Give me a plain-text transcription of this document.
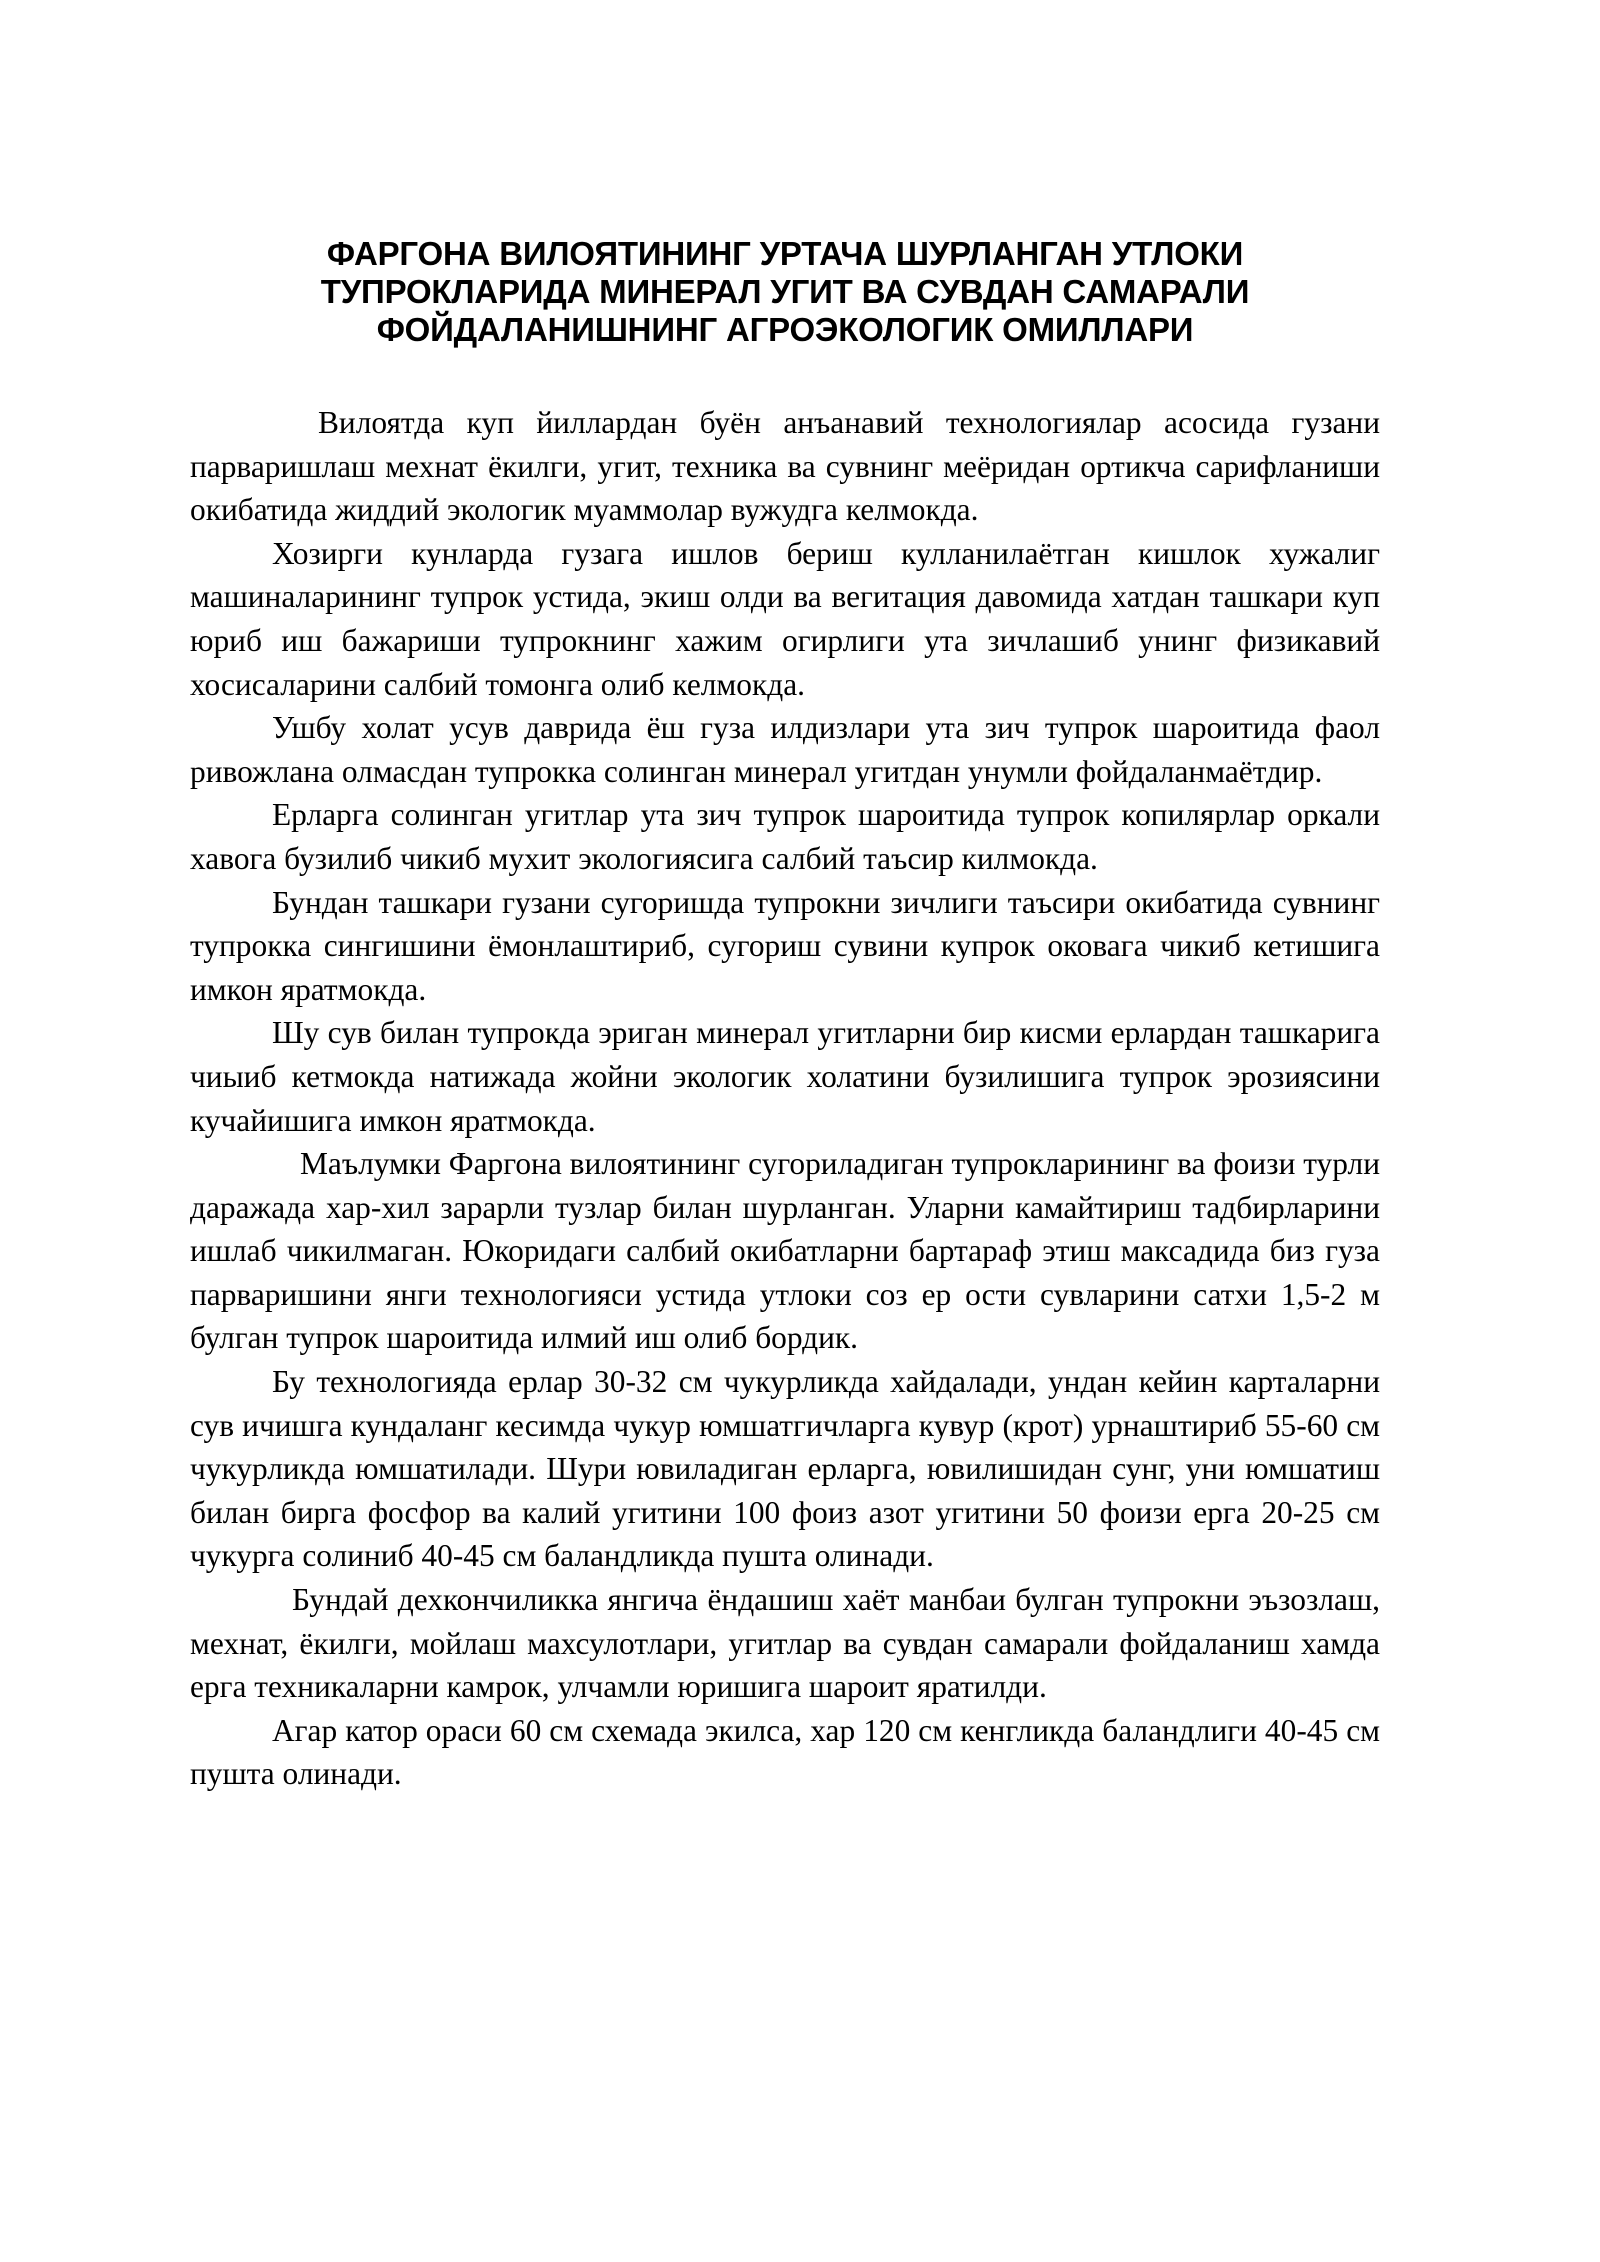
ФАРГОНА ВИЛОЯТИНИНГ УРТАЧА ШУРЛАНГАН УТЛОКИ
ТУПРОКЛАРИДА МИНЕРАЛ УГИТ ВА СУВДАН САМАРАЛИ
ФОЙДАЛАНИШНИНГ АГРОЭКОЛОГИК ОМИЛЛАРИ

Вилоятда куп йиллардан буён анъанавий технологиялар асосида гузани парваришлаш мехнат ёкилги, угит, техника ва сувнинг меёридан ортикча сарифланиши окибатида жиддий экологик муаммолар вужудга келмокда.

Хозирги кунларда гузага ишлов бериш кулланилаётган кишлок хужалиг машиналарининг тупрок устида, экиш олди ва вегитация давомида хатдан ташкари куп юриб иш бажариши тупрокнинг хажим огирлиги ута зичлашиб унинг физикавий хосисаларини салбий томонга олиб келмокда.

Ушбу холат усув даврида ёш гуза илдизлари ута зич тупрок шароитида фаол ривожлана олмасдан тупрокка солинган минерал угитдан унумли фойдаланмаётдир.

Ерларга солинган угитлар ута зич тупрок шароитида тупрок копилярлар оркали хавога бузилиб чикиб мухит экологиясига салбий таъсир килмокда.

Бундан ташкари гузани сугоришда тупрокни зичлиги таъсири окибатида сувнинг тупрокка сингишини ёмонлаштириб, сугориш сувини купрок оковага чикиб кетишига имкон яратмокда.

Шу сув билан тупрокда эриган минерал угитларни бир кисми ерлардан ташкарига чиыиб кетмокда натижада жойни экологик холатини бузилишига тупрок эрозиясини кучайишига имкон яратмокда.

Маълумки Фаргона вилоятининг сугориладиган тупрокларининг ва фоизи турли даражада хар-хил зарарли тузлар билан шурланган. Уларни камайтириш тадбирларини ишлаб чикилмаган. Юкоридаги салбий окибатларни бартараф этиш максадида биз гуза парваришини янги технологияси устида утлоки соз ер ости сувларини сатхи 1,5-2 м булган тупрок шароитида илмий иш олиб бордик.

Бу технологияда ерлар 30-32 см чукурликда хайдалади, ундан кейин карталарни сув ичишга кундаланг кесимда чукур юмшатгичларга кувур (крот) урнаштириб 55-60 см чукурликда юмшатилади. Шури ювиладиган ерларга, ювилишидан сунг, уни юмшатиш билан бирга фосфор ва калий угитини 100 фоиз азот угитини 50 фоизи ерга 20-25 см чукурга солиниб 40-45 см баландликда пушта олинади.

Бундай дехкончиликка янгича ёндашиш хаёт манбаи булган тупрокни эъзозлаш, мехнат, ёкилги, мойлаш махсулотлари, угитлар ва сувдан самарали фойдаланиш хамда ерга техникаларни камрок, улчамли юришига шароит яратилди.

Агар катор ораси 60 см схемада экилса, хар 120 см кенгликда баландлиги 40-45 см пушта олинади.
